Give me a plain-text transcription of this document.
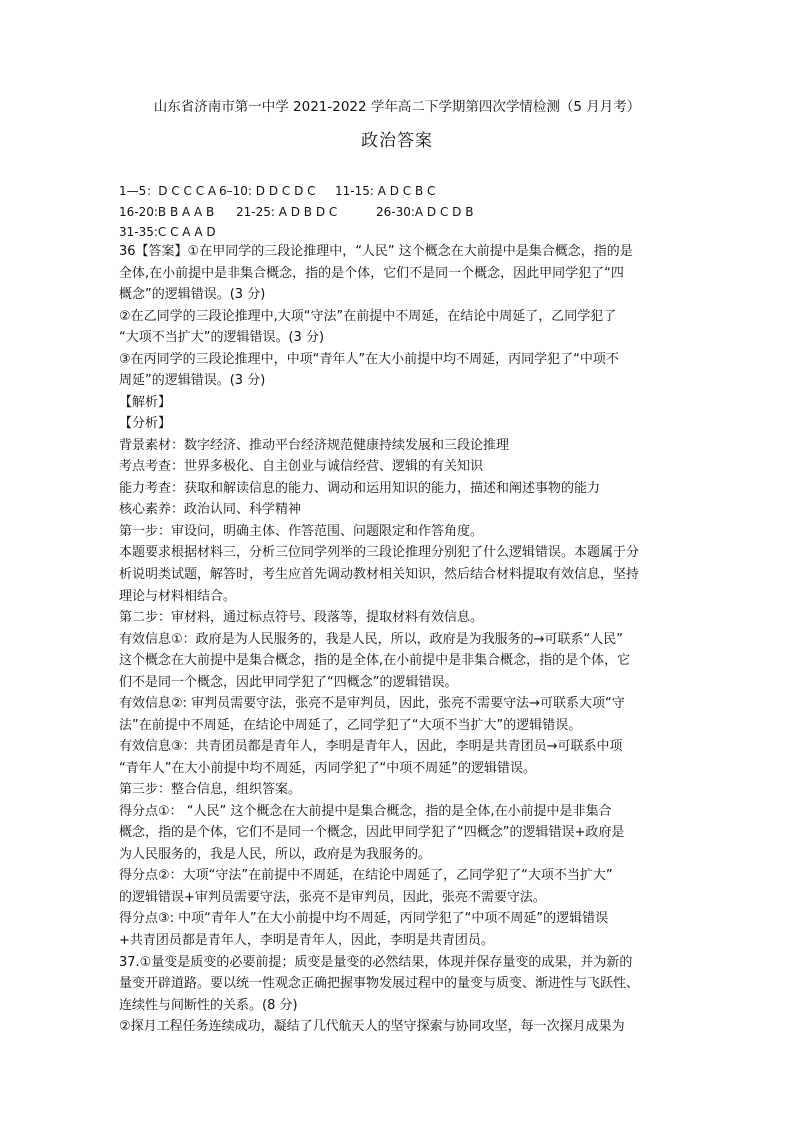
山东省济南市第一中学 2021-2022 学年高二下学期第四次学情检测（5 月月考）
政治答案
1—5：D C C C A 6–10: D D C D C 11-15: A D C B C
16-20:B B A A B 21-25: A D B D C	26-30:A D C D B
31-35:C C A A D
36【答案】①在甲同学的三段论推理中，“人民” 这个概念在大前提中是集合概念，指的是
全体,在小前提中是非集合概念，指的是个体，它们不是同一个概念，因此甲同学犯了“四
概念”的逻辑错误。(3 分)
②在乙同学的三段论推理中,大项“守法”在前提中不周延，在结论中周延了，乙同学犯了
“大项不当扩大”的逻辑错误。(3 分)
③在丙同学的三段论推理中，中项“青年人”在大小前提中均不周延，丙同学犯了“中项不
周延”的逻辑错误。(3 分)
【解析】
【分析】
背景素材：数字经济、推动平台经济规范健康持续发展和三段论推理
考点考查：世界多极化、自主创业与诚信经营、逻辑的有关知识
能力考查：获取和解读信息的能力、调动和运用知识的能力，描述和阐述事物的能力
核心素养：政治认同、科学精神
第一步：审设问，明确主体、作答范围、问题限定和作答角度。
本题要求根据材料三，分析三位同学列举的三段论推理分别犯了什么逻辑错误。本题属于分
析说明类试题，解答时，考生应首先调动教材相关知识，然后结合材料提取有效信息，坚持
理论与材料相结合。
第二步：审材料，通过标点符号、段落等，提取材料有效信息。
有效信息①：政府是为人民服务的，我是人民，所以，政府是为我服务的→可联系“人民”
这个概念在大前提中是集合概念，指的是全体,在小前提中是非集合概念，指的是个体，它
们不是同一个概念，因此甲同学犯了“四概念”的逻辑错误。
有效信息②: 审判员需要守法，张亮不是审判员，因此，张亮不需要守法→可联系大项“守
法”在前提中不周延，在结论中周延了，乙同学犯了“大项不当扩大”的逻辑错误。
有效信息③：共青团员都是青年人，李明是青年人，因此，李明是共青团员→可联系中项
“青年人”在大小前提中均不周延，丙同学犯了“中项不周延”的逻辑错误。
第三步：整合信息，组织答案。
得分点①： “人民” 这个概念在大前提中是集合概念，指的是全体,在小前提中是非集合
概念，指的是个体，它们不是同一个概念，因此甲同学犯了“四概念”的逻辑错误+政府是
为人民服务的，我是人民，所以，政府是为我服务的。
得分点②：大项“守法”在前提中不周延，在结论中周延了，乙同学犯了“大项不当扩大”
的逻辑错误+审判员需要守法，张亮不是审判员，因此，张亮不需要守法。
得分点③: 中项“青年人”在大小前提中均不周延，丙同学犯了“中项不周延”的逻辑错误
+共青团员都是青年人，李明是青年人，因此，李明是共青团员。
37.①量变是质变的必要前提；质变是量变的必然结果，体现并保存量变的成果，并为新的
量变开辟道路。要以统一性观念正确把握事物发展过程中的量变与质变、渐进性与飞跃性、
连续性与间断性的关系。(8 分)
②探月工程任务连续成功，凝结了几代航天人的坚守探索与协同攻坚，每一次探月成果为
